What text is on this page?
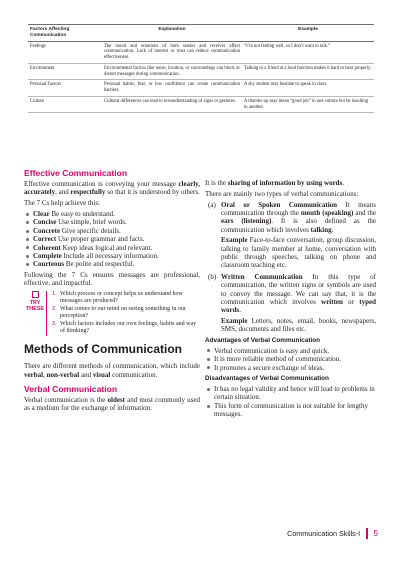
Factors Affecting Communication	Explanation	Example
Feelings	The mood and emotions of both sender and receiver affect communication. Lack of interest or trust can reduce communication effectiveness.	“I’m not feeling well, so I don’t want to talk.”
Environment	Environmental factors like noise, location, or surroundings can block or distort messages during communication.	Talking to a friend at a loud function makes it hard to hear properly.
Personal Factors	Personal habits, fear, or low confidence can create communication barriers.	A shy student may hesitate to speak in class.
Culture	Cultural differences can lead to misunderstanding of signs or gestures.	A thumbs-up may mean “good job” in one culture but be insulting in another.
Effective Communication

Effective communication is conveying your message clearly, accurately, and respectfully so that it is understood by others.

The 7 Cs help achieve this:

Clear Be easy to understand.
Concise Use simple, brief words.
Concrete Give specific details.
Correct Use proper grammar and facts.
Coherent Keep ideas logical and relevant.
Complete Include all necessary information.
Courteous Be polite and respectful.

Following the 7 Cs ensures messages are professional, effective, and impactful.

TRY
THESE
1. Which process or concept helps us understand how messages are produced?
2. What comes to our mind on seeing something in our perception?
3. Which factors includes our own feelings, habits and way of thinking?
Methods of Communication

There are different methods of communication, which include verbal, non-verbal and visual communication.

Verbal Communication

Verbal communication is the oldest and most commonly used as a medium for the exchange of information.

It is the sharing of information by using words.

There are mainly two types of verbal communications:

(a) Oral or Spoken Communication It means communication through the mouth (speaking) and the ears (listening). It is also defined as the communication which involves talking.

Example Face-to-face conversation, group discussion, talking to family member at home, conversation with public through speeches, talking on phone and classroom teaching etc.

(b) Written Communication In this type of communication, the written signs or symbols are used to convey the message. We can say that, it is the communication which involves written or typed words.

Example Letters, notes, email, books, newspapers, SMS, documents and files etc.

Advantages of Verbal Communication
Verbal communication is easy and quick.
It is more reliable method of communication.
It promotes a secure exchange of ideas.
Disadvantages of Verbal Communication
It has no legal validity and hence will lead to problems in certain situation.
This form of communication is not suitable for lengthy messages.
Communication Skills-I 5
